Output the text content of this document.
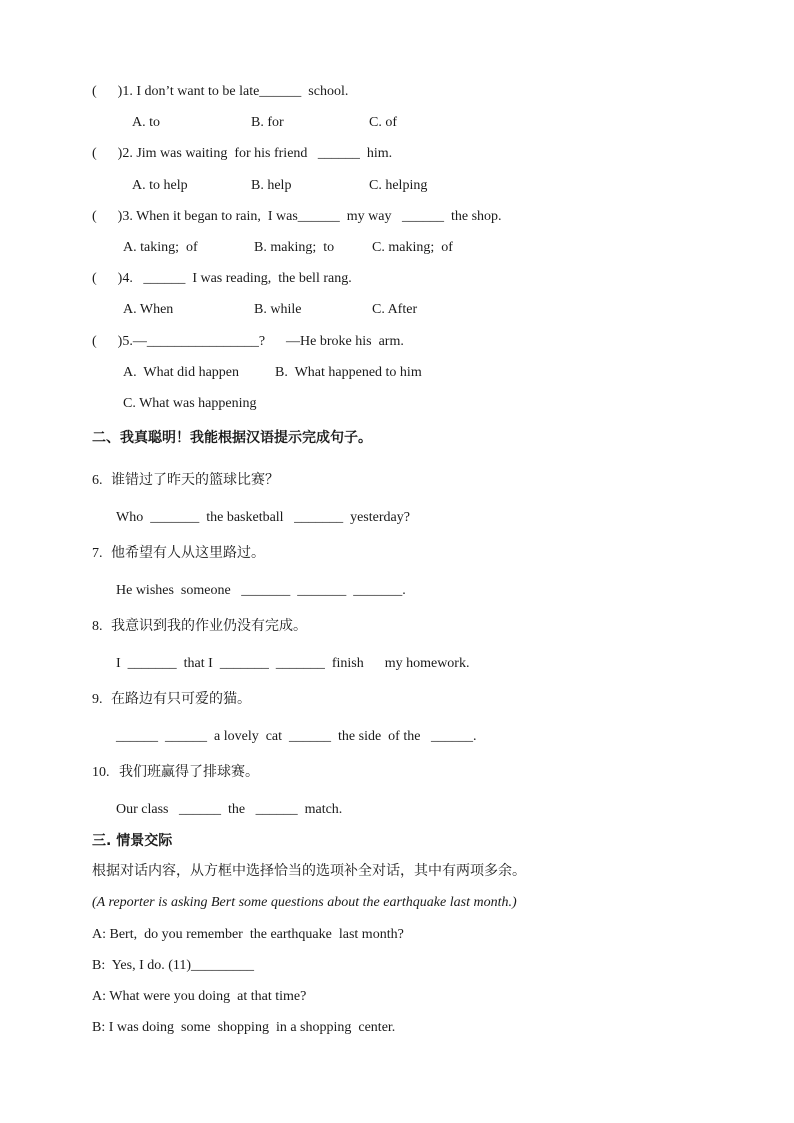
(      )1. I don’t want to be late______  school.
A. to	B. for	C. of
(      )2. Jim was waiting  for his friend   ______  him.
A. to help	B. help	C. helping
(      )3. When it began to rain,  I was______  my way   ______  the shop.
A. taking;  of	B. making;  to	C. making;  of
(      )4.   ______  I was reading,  the bell rang.
A. When	B. while	C. After
(      )5.—________________?      —He broke his  arm.
A.  What did happen	B.  What happened to him
C. What was happening
二、我真聪明！我能根据汉语提示完成句子。
6. 谁错过了昨天的篮球比赛？
Who  _______  the basketball   _______  yesterday?
7. 他希望有人从这里路过。
He wishes  someone   _______  _______  _______.
8. 我意识到我的作业仍没有完成。
I  _______  that I  _______  _______  finish      my homework.
9. 在路边有只可爱的猫。
______  ______  a lovely  cat  ______  the side  of the   ______.
10. 我们班赢得了排球赛。
Our class   ______  the   ______  match.
三. 情景交际
根据对话内容，从方框中选择恰当的选项补全对话，其中有两项多余。
(A reporter is asking Bert some questions about the earthquake last month.)
A: Bert,  do you remember  the earthquake  last month?
B:  Yes, I do. (11)_________
A: What were you doing  at that time?
B: I was doing  some  shopping  in a shopping  center.
